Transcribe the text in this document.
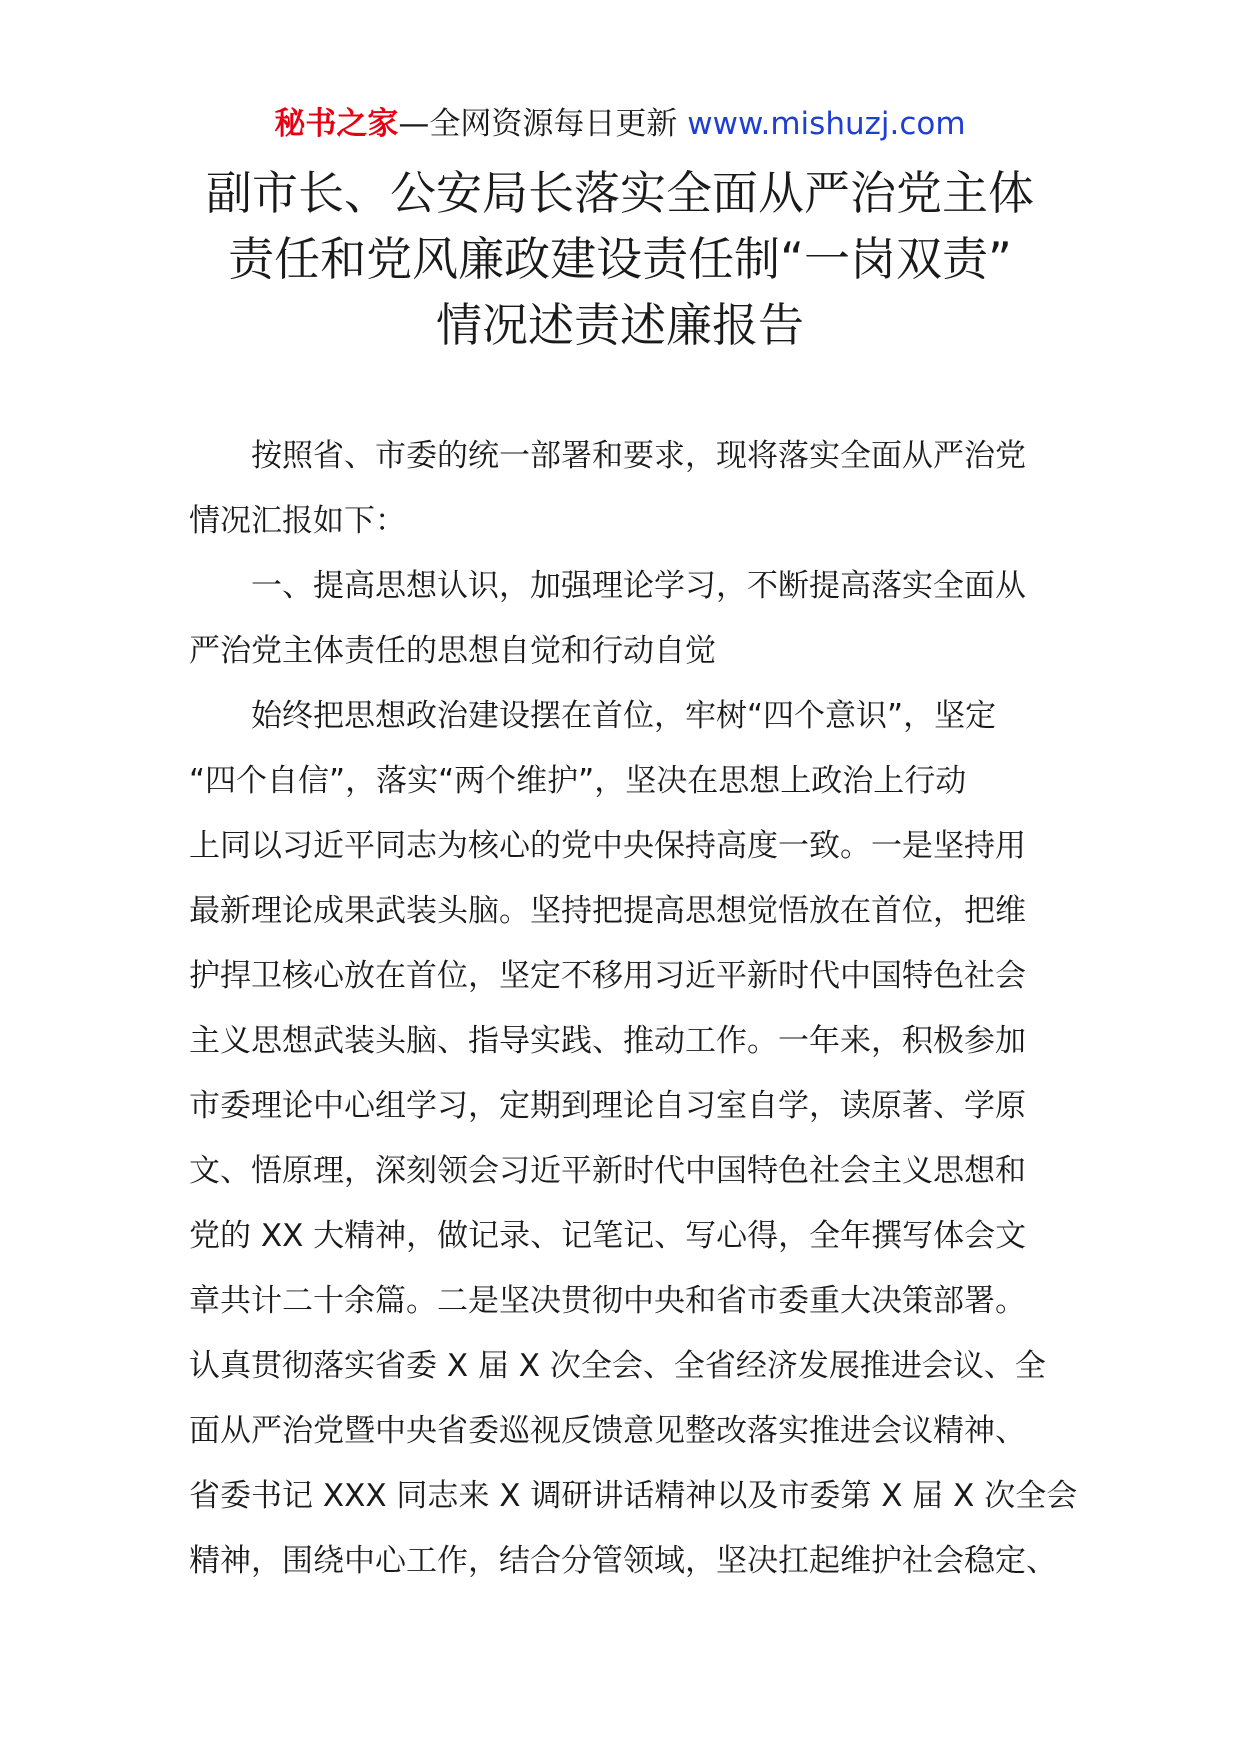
秘书之家—全网资源每日更新 www.mishuzj.com
副市长、公安局长落实全面从严治党主体
责任和党风廉政建设责任制“一岗双责”
情况述责述廉报告
按照省、市委的统一部署和要求，现将落实全面从严治党
情况汇报如下：
一、提高思想认识，加强理论学习，不断提高落实全面从
严治党主体责任的思想自觉和行动自觉
始终把思想政治建设摆在首位，牢树“四个意识”，坚定
“四个自信”，落实“两个维护”，坚决在思想上政治上行动
上同以习近平同志为核心的党中央保持高度一致。一是坚持用
最新理论成果武装头脑。坚持把提高思想觉悟放在首位，把维
护捍卫核心放在首位，坚定不移用习近平新时代中国特色社会
主义思想武装头脑、指导实践、推动工作。一年来，积极参加
市委理论中心组学习，定期到理论自习室自学，读原著、学原
文、悟原理，深刻领会习近平新时代中国特色社会主义思想和
党的 XX 大精神，做记录、记笔记、写心得，全年撰写体会文
章共计二十余篇。二是坚决贯彻中央和省市委重大决策部署。
认真贯彻落实省委 X 届 X 次全会、全省经济发展推进会议、全
面从严治党暨中央省委巡视反馈意见整改落实推进会议精神、
省委书记 XXX 同志来 X 调研讲话精神以及市委第 X 届 X 次全会
精神，围绕中心工作，结合分管领域，坚决扛起维护社会稳定、
